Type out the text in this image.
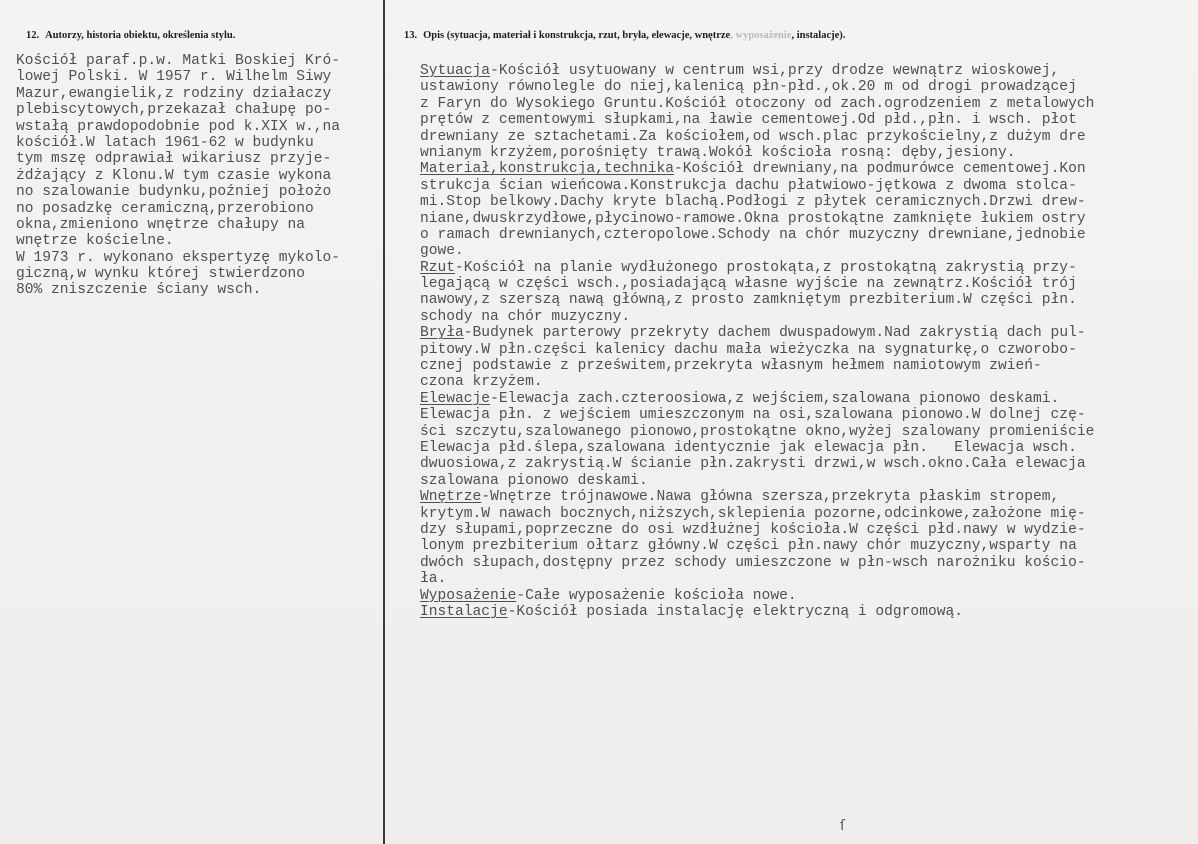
12. Autorzy, historia obiektu, określenia stylu.	13. Opis (sytuacja, materiał i konstrukcja, rzut, bryła, elewacje, wnętrze, wyposażenie, instalacje).
Kościół paraf.p.w. Matki Boskiej Kró-
lowej Polski. W 1957 r. Wilhelm Siwy
Mazur,ewangielik,z rodziny działaczy
plebiscytowych,przekazał chałupę po-
wstałą prawdopodobnie pod k.XIX w.,na
kościół.W latach 1961-62 w budynku
tym mszę odprawiał wikariusz przyje-
żdżający z Klonu.W tym czasie wykona
no szalowanie budynku,poźniej położo
no posadzkę ceramiczną,przerobiono
okna,zmieniono wnętrze chałupy na
wnętrze kościelne.
W 1973 r. wykonano ekspertyzę mykolo-
giczną,w wynku której stwierdzono
80% zniszczenie ściany wsch.
Sytuacja-Kościół usytuowany w centrum wsi,przy drodze wewnątrz wioskowej,
ustawiony równolegle do niej,kalenicą płn-płd.,ok.20 m od drogi prowadzącej
z Faryn do Wysokiego Gruntu.Kościół otoczony od zach.ogrodzeniem z metalowych
prętów z cementowymi słupkami,na ławie cementowej.Od płd.,płn. i wsch. płot
drewniany ze sztachetami.Za kościołem,od wsch.plac przykościelny,z dużym dre
wnianym krzyżem,porośnięty trawą.Wokół kościoła rosną: dęby,jesiony.
Materiał,konstrukcja,technika-Kościół drewniany,na podmurówce cementowej.Kon
strukcja ścian wieńcowa.Konstrukcja dachu płatwiowo-jętkowa z dwoma stolca-
mi.Stop belkowy.Dachy kryte blachą.Podłogi z płytek ceramicznych.Drzwi drew-
niane,dwuskrzydłowe,płycinowo-ramowe.Okna prostokątne zamknięte łukiem ostry
o ramach drewnianych,czteropolowe.Schody na chór muzyczny drewniane,jednobie
gowe.
Rzut-Kościół na planie wydłużonego prostokąta,z prostokątną zakrystią przy-
legającą w części wsch.,posiadającą własne wyjście na zewnątrz.Kościół trój
nawowy,z szerszą nawą główną,z prosto zamkniętym prezbiterium.W części płn.
schody na chór muzyczny.
Bryła-Budynek parterowy przekryty dachem dwuspadowym.Nad zakrystią dach pul-
pitowy.W płn.części kalenicy dachu mała wieżyczka na sygnaturkę,o czworobo-
cznej podstawie z prześwitem,przekryta własnym hełmem namiotowym zwień-
czona krzyżem.
Elewacje-Elewacja zach.czteroosiowa,z wejściem,szalowana pionowo deskami.
Elewacja płn. z wejściem umieszczonym na osi,szalowana pionowo.W dolnej czę-
ści szczytu,szalowanego pionowo,prostokątne okno,wyżej szalowany promieniście
Elewacja płd.ślepa,szalowana identycznie jak elewacja płn.   Elewacja wsch.
dwuosiowa,z zakrystią.W ścianie płn.zakrysti drzwi,w wsch.okno.Cała elewacja
szalowana pionowo deskami.
Wnętrze-Wnętrze trójnawowe.Nawa główna szersza,przekryta płaskim stropem,
krytym.W nawach bocznych,niższych,sklepienia pozorne,odcinkowe,założone mię-
dzy słupami,poprzeczne do osi wzdłużnej kościoła.W części płd.nawy w wydzie-
lonym prezbiterium ołtarz główny.W części płn.nawy chór muzyczny,wsparty na
dwóch słupach,dostępny przez schody umieszczone w płn-wsch narożniku kościo-
ła.
Wyposażenie-Całe wyposażenie kościoła nowe.
Instalacje-Kościół posiada instalację elektryczną i odgromową.
ſ
